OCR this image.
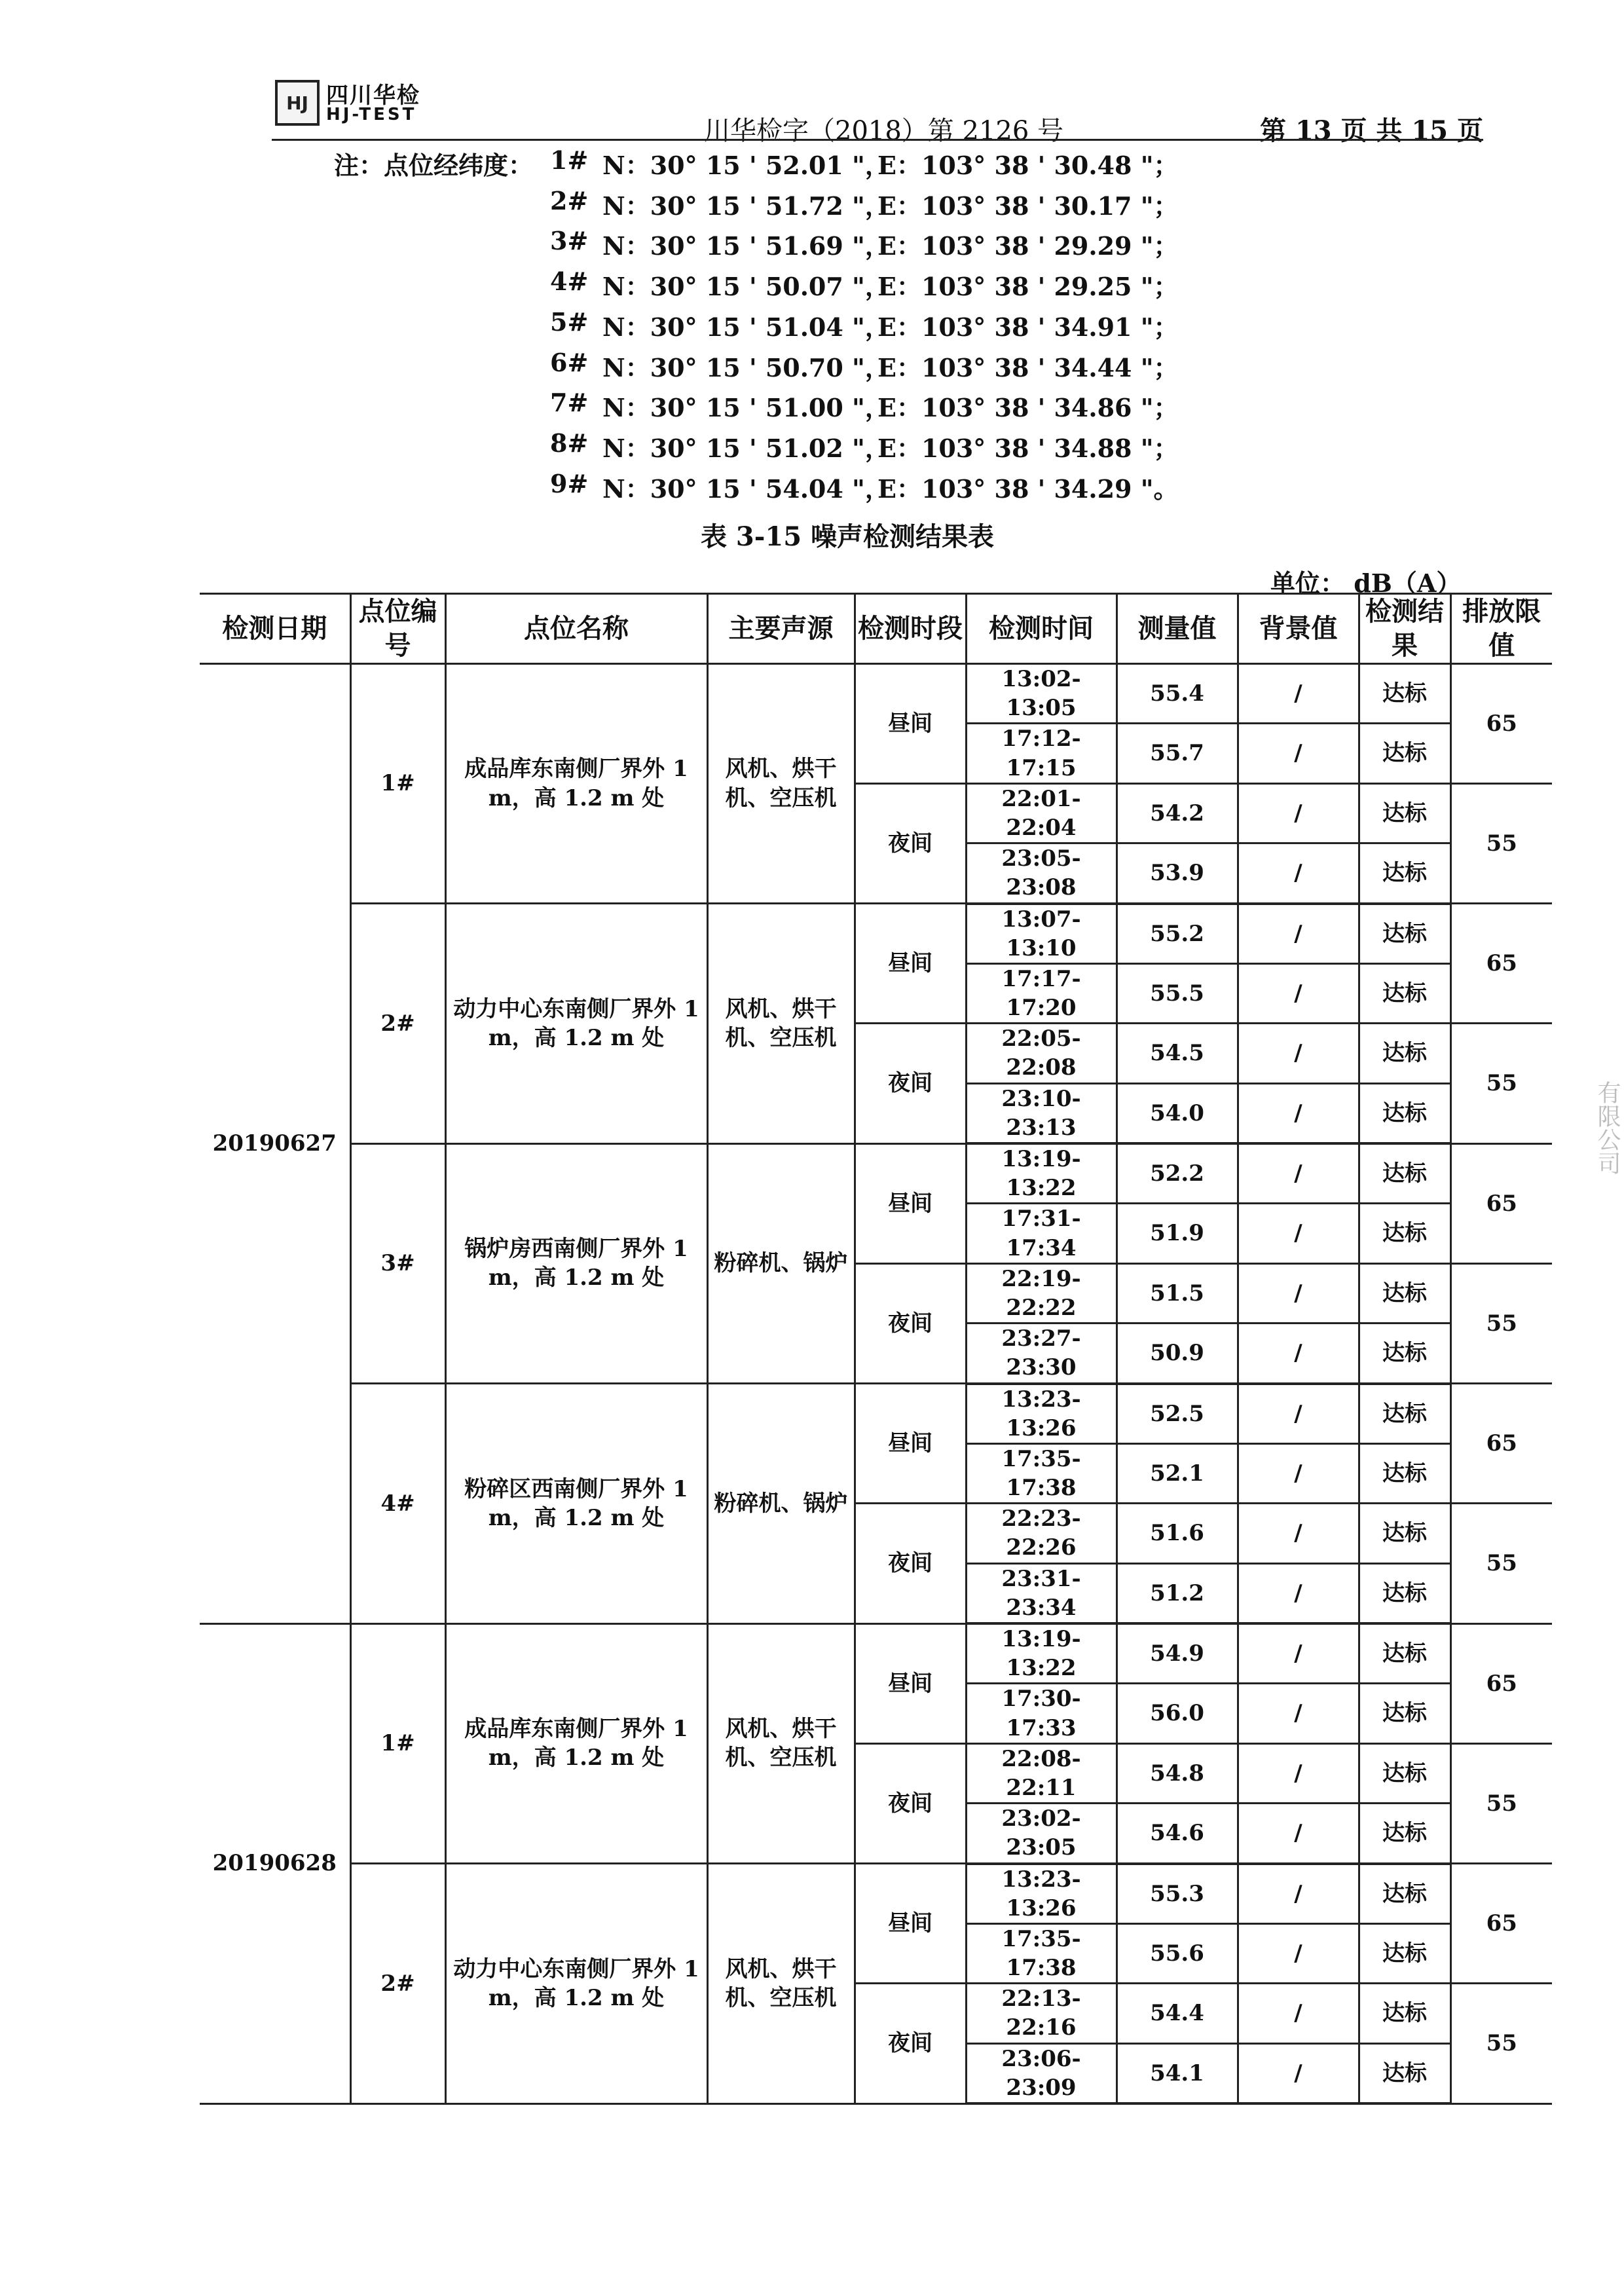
HJ 四川华检
HJ-TEST
川华检字（2018）第 2126 号	第 13 页 共 15 页
注：点位经纬度： 1# N：30° 15 ' 52.01 "，
E：103° 38 ' 30.48 "；
2# N：30° 15 ' 51.72 "，
E：103° 38 ' 30.17 "；
3# N：30° 15 ' 51.69 "，
E：103° 38 ' 29.29 "；
4# N：30° 15 ' 50.07 "，
E：103° 38 ' 29.25 "；
5# N：30° 15 ' 51.04 "，
E：103° 38 ' 34.91 "；
6# N：30° 15 ' 50.70 "，
E：103° 38 ' 34.44 "；
7# N：30° 15 ' 51.00 "，
E：103° 38 ' 34.86 "；
8# N：30° 15 ' 51.02 "，
E：103° 38 ' 34.88 "；
9# N：30° 15 ' 54.04 "，
E：103° 38 ' 34.29 "。
表 3-15 噪声检测结果表
单位： dB（A）
检测日期	点位编号	点位名称	主要声源	检测时段	检测时间	测量值	背景值	检测结果	排放限值
20190627	1#	成品库东南侧厂界外 1 m，高 1.2 m 处	风机、烘干机、空压机	昼间	13:02-13:05	55.4	/	达标	65
					17:12-17:15	55.7	/	达标	
				夜间	22:01-22:04	54.2	/	达标	55
					23:05-23:08	53.9	/	达标	
	2#	动力中心东南侧厂界外 1 m，高 1.2 m 处	风机、烘干机、空压机	昼间	13:07-13:10	55.2	/	达标	65
					17:17-17:20	55.5	/	达标	
				夜间	22:05-22:08	54.5	/	达标	55
					23:10-23:13	54.0	/	达标	
	3#	锅炉房西南侧厂界外 1 m，高 1.2 m 处	粉碎机、锅炉	昼间	13:19-13:22	52.2	/	达标	65
					17:31-17:34	51.9	/	达标	
				夜间	22:19-22:22	51.5	/	达标	55
					23:27-23:30	50.9	/	达标	
	4#	粉碎区西南侧厂界外 1 m，高 1.2 m 处	粉碎机、锅炉	昼间	13:23-13:26	52.5	/	达标	65
					17:35-17:38	52.1	/	达标	
				夜间	22:23-22:26	51.6	/	达标	55
					23:31-23:34	51.2	/	达标	
20190628	1#	成品库东南侧厂界外 1 m，高 1.2 m 处	风机、烘干机、空压机	昼间	13:19-13:22	54.9	/	达标	65
					17:30-17:33	56.0	/	达标	
				夜间	22:08-22:11	54.8	/	达标	55
					23:02-23:05	54.6	/	达标	
	2#	动力中心东南侧厂界外 1 m，高 1.2 m 处	风机、烘干机、空压机	昼间	13:23-13:26	55.3	/	达标	65
					17:35-17:38	55.6	/	达标	
				夜间	22:13-22:16	54.4	/	达标	55
					23:06-23:09	54.1	/	达标	
有限公司
